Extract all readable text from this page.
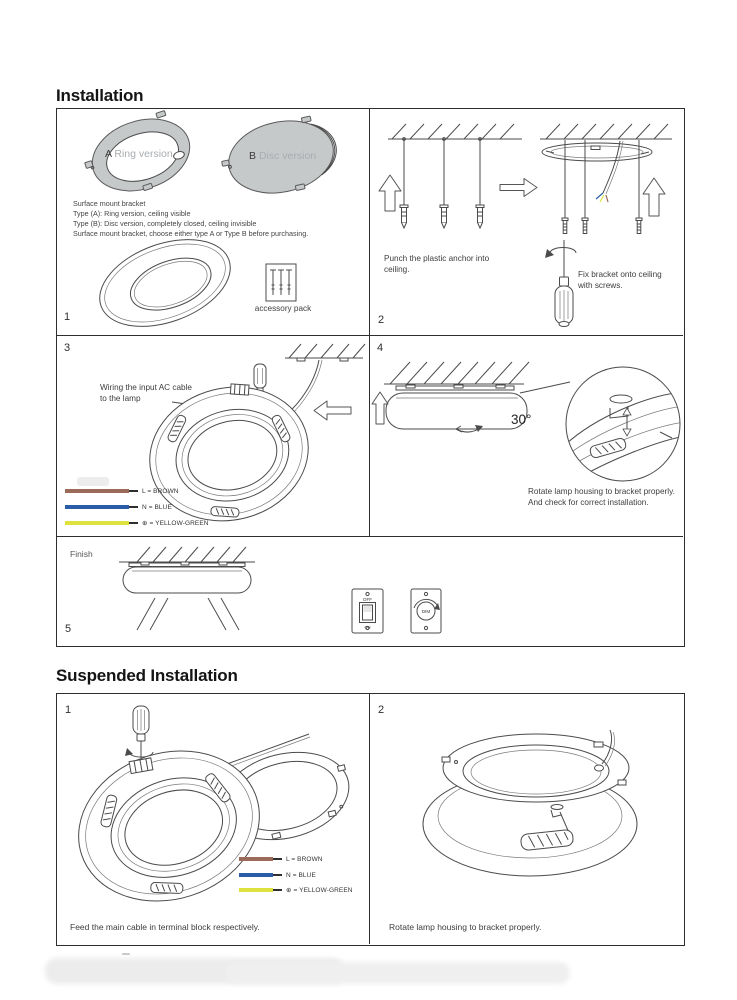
Installation
A Ring version	B Disc version
Surface mount bracket
Type (A): Ring version, ceiling visible
Type (B): Disc version, completely closed, ceiling invisible
Surface mount bracket, choose either type A or Type B before purchasing.
accessory pack
1
Punch the plastic anchor into ceiling.
Fix bracket onto ceiling with screws.
2
Wiring the input AC cable to the lamp
L = BROWN
N = BLUE
⊕ = YELLOW-GREEN
3
30°
Rotate lamp housing to bracket properly. And check for correct installation.
4
OFF
ON
DIM
Finish
5
Suspended Installation
L = BROWN
N = BLUE
⊕ = YELLOW-GREEN
Feed the main cable in terminal block respectively.
1
Rotate lamp housing to bracket properly.
2
